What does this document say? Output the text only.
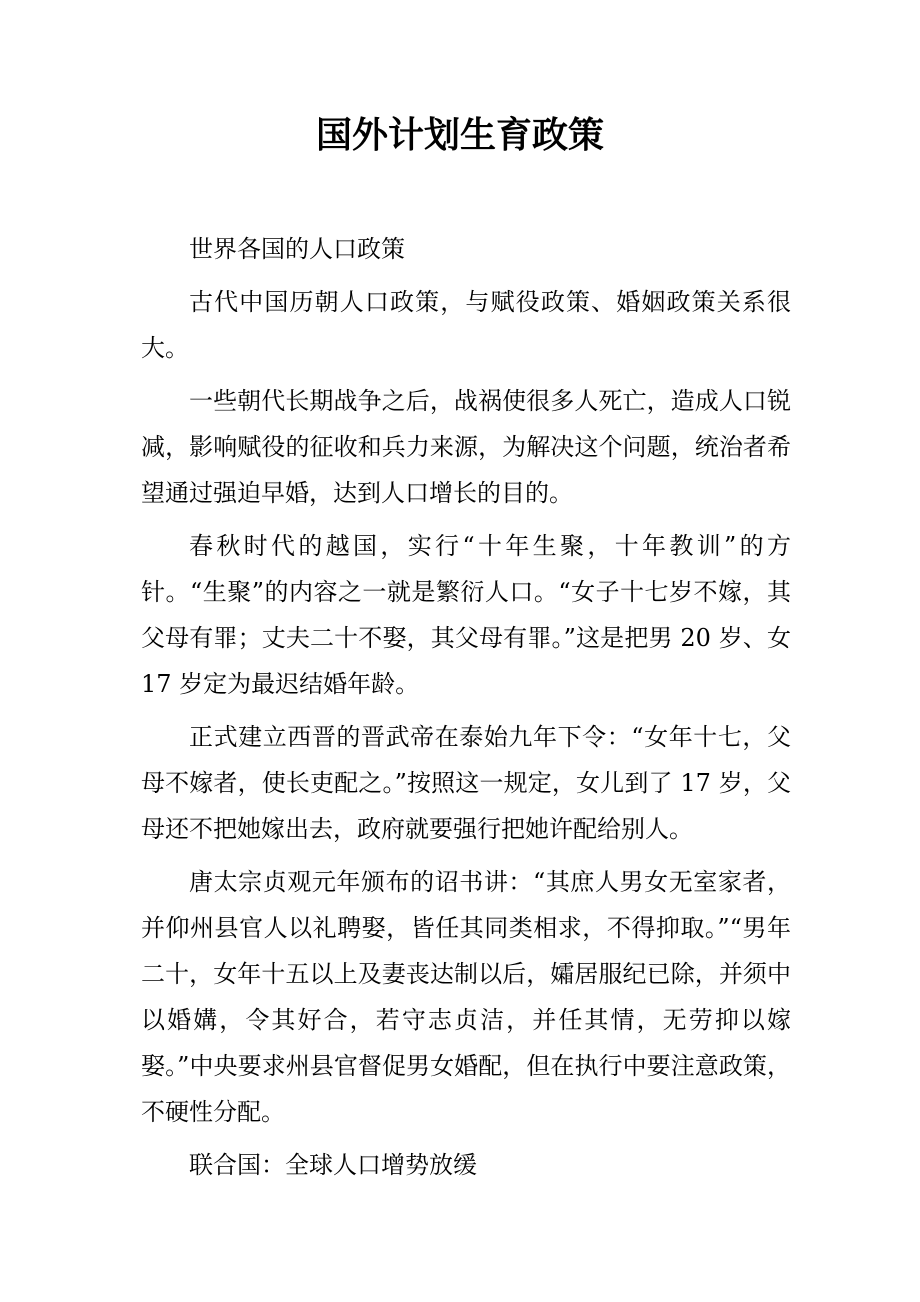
国外计划生育政策

世界各国的人口政策

古代中国历朝人口政策，与赋役政策、婚姻政策关系很大。

一些朝代长期战争之后，战祸使很多人死亡，造成人口锐减，影响赋役的征收和兵力来源，为解决这个问题，统治者希望通过强迫早婚，达到人口增长的目的。

春秋时代的越国，实行“十年生聚，十年教训”的方针。“生聚”的内容之一就是繁衍人口。“女子十七岁不嫁，其父母有罪；丈夫二十不娶，其父母有罪。”这是把男 20 岁、女 17 岁定为最迟结婚年龄。

正式建立西晋的晋武帝在泰始九年下令：“女年十七，父母不嫁者，使长吏配之。”按照这一规定，女儿到了 17 岁，父母还不把她嫁出去，政府就要强行把她许配给别人。

唐太宗贞观元年颁布的诏书讲：“其庶人男女无室家者，并仰州县官人以礼聘娶，皆任其同类相求，不得抑取。”“男年二十，女年十五以上及妻丧达制以后，孀居服纪已除，并须中以婚媾，令其好合，若守志贞洁，并任其情，无劳抑以嫁娶。”中央要求州县官督促男女婚配，但在执行中要注意政策，不硬性分配。

联合国：全球人口增势放缓
